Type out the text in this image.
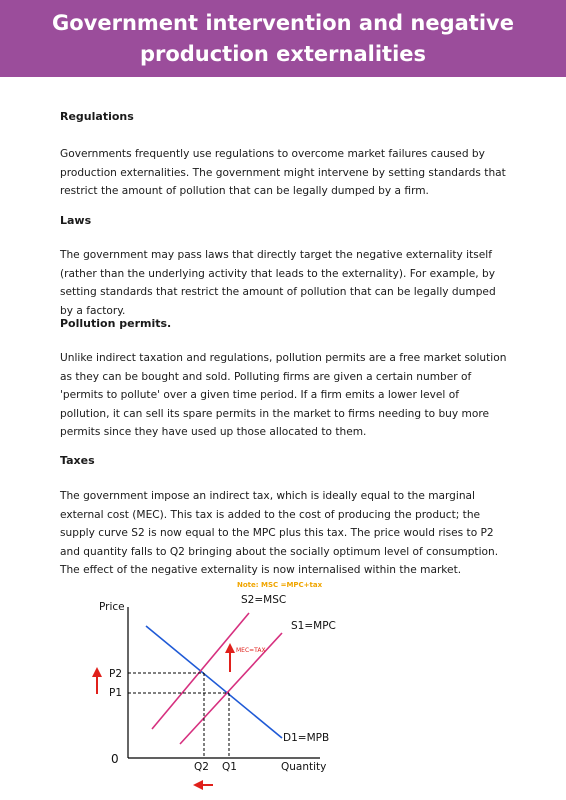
Government intervention and negative
production externalities
Regulations
Governments frequently use regulations to overcome market failures caused by production externalities. The government might intervene by setting standards that restrict the amount of pollution that can be legally dumped by a firm.
Laws
The government may pass laws that directly target the negative externality itself (rather than the underlying activity that leads to the externality). For example, by setting standards that restrict the amount of pollution that can be legally dumped by a factory.
Pollution permits.
Unlike indirect taxation and regulations, pollution permits are a free market solution as they can be bought and sold. Polluting firms are given a certain number of 'permits to pollute' over a given time period. If a firm emits a lower level of pollution, it can sell its spare permits in the market to firms needing to buy more permits since they have used up those allocated to them.
Taxes
The government impose an indirect tax, which is ideally equal to the marginal external cost (MEC). This tax is added to the cost of producing the product; the supply curve S2 is now equal to the MPC plus this tax. The price would rises to P2 and quantity falls to Q2 bringing about the socially optimum level of consumption. The effect of the negative externality is now internalised within the market.
Note: MSC =MPC+tax
Price
S2=MSC
S1=MPC
MEC=TAX
P2
P1
D1=MPB
0
Q2 Q1	Quantity
